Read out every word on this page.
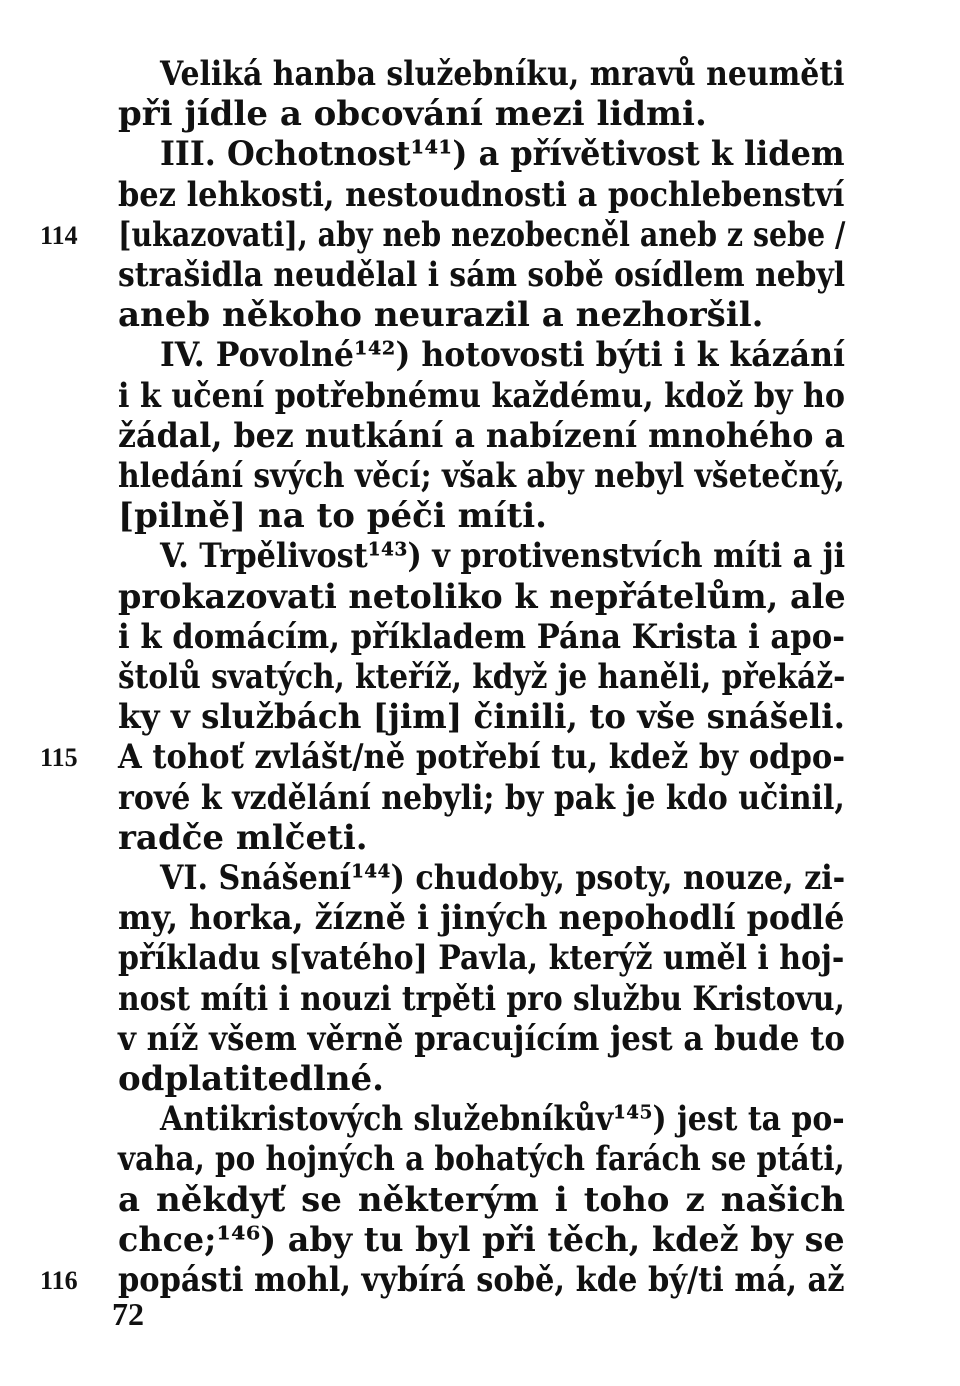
Veliká hanba služebníku, mravů neuměti
při jídle a obcování mezi lidmi.
III. Ochotnost¹⁴¹) a přívětivost k lidem
bez lehkosti, nestoudnosti a pochlebenství
[ukazovati], aby neb nezobecněl aneb z sebe /
strašidla neudělal i sám sobě osídlem nebyl
aneb někoho neurazil a nezhoršil.
IV. Povolné¹⁴²) hotovosti býti i k kázání
i k učení potřebnému každému, kdož by ho
žádal, bez nutkání a nabízení mnohého a
hledání svých věcí; však aby nebyl všetečný,
[pilně] na to péči míti.
V. Trpělivost¹⁴³) v protivenstvích míti a ji
prokazovati netoliko k nepřátelům, ale
i k domácím, příkladem Pána Krista i apo-
štolů svatých, kteříž, když je haněli, překáž-
ky v službách [jim] činili, to vše snášeli.
A tohoť zvlášt/ně potřebí tu, kdež by odpo-
rové k vzdělání nebyli; by pak je kdo učinil,
radče mlčeti.
VI. Snášení¹⁴⁴) chudoby, psoty, nouze, zi-
my, horka, žízně i jiných nepohodlí podlé
příkladu s[vatého] Pavla, kterýž uměl i hoj-
nost míti i nouzi trpěti pro službu Kristovu,
v níž všem věrně pracujícím jest a bude to
odplatitedlné.
Antikristových služebníkův¹⁴⁵) jest ta po-
vaha, po hojných a bohatých farách se ptáti,
a někdyť se některým i toho z našich
chce;¹⁴⁶) aby tu byl při těch, kdež by se
popásti mohl, vybírá sobě, kde bý/ti má, až
114
115
116
72
